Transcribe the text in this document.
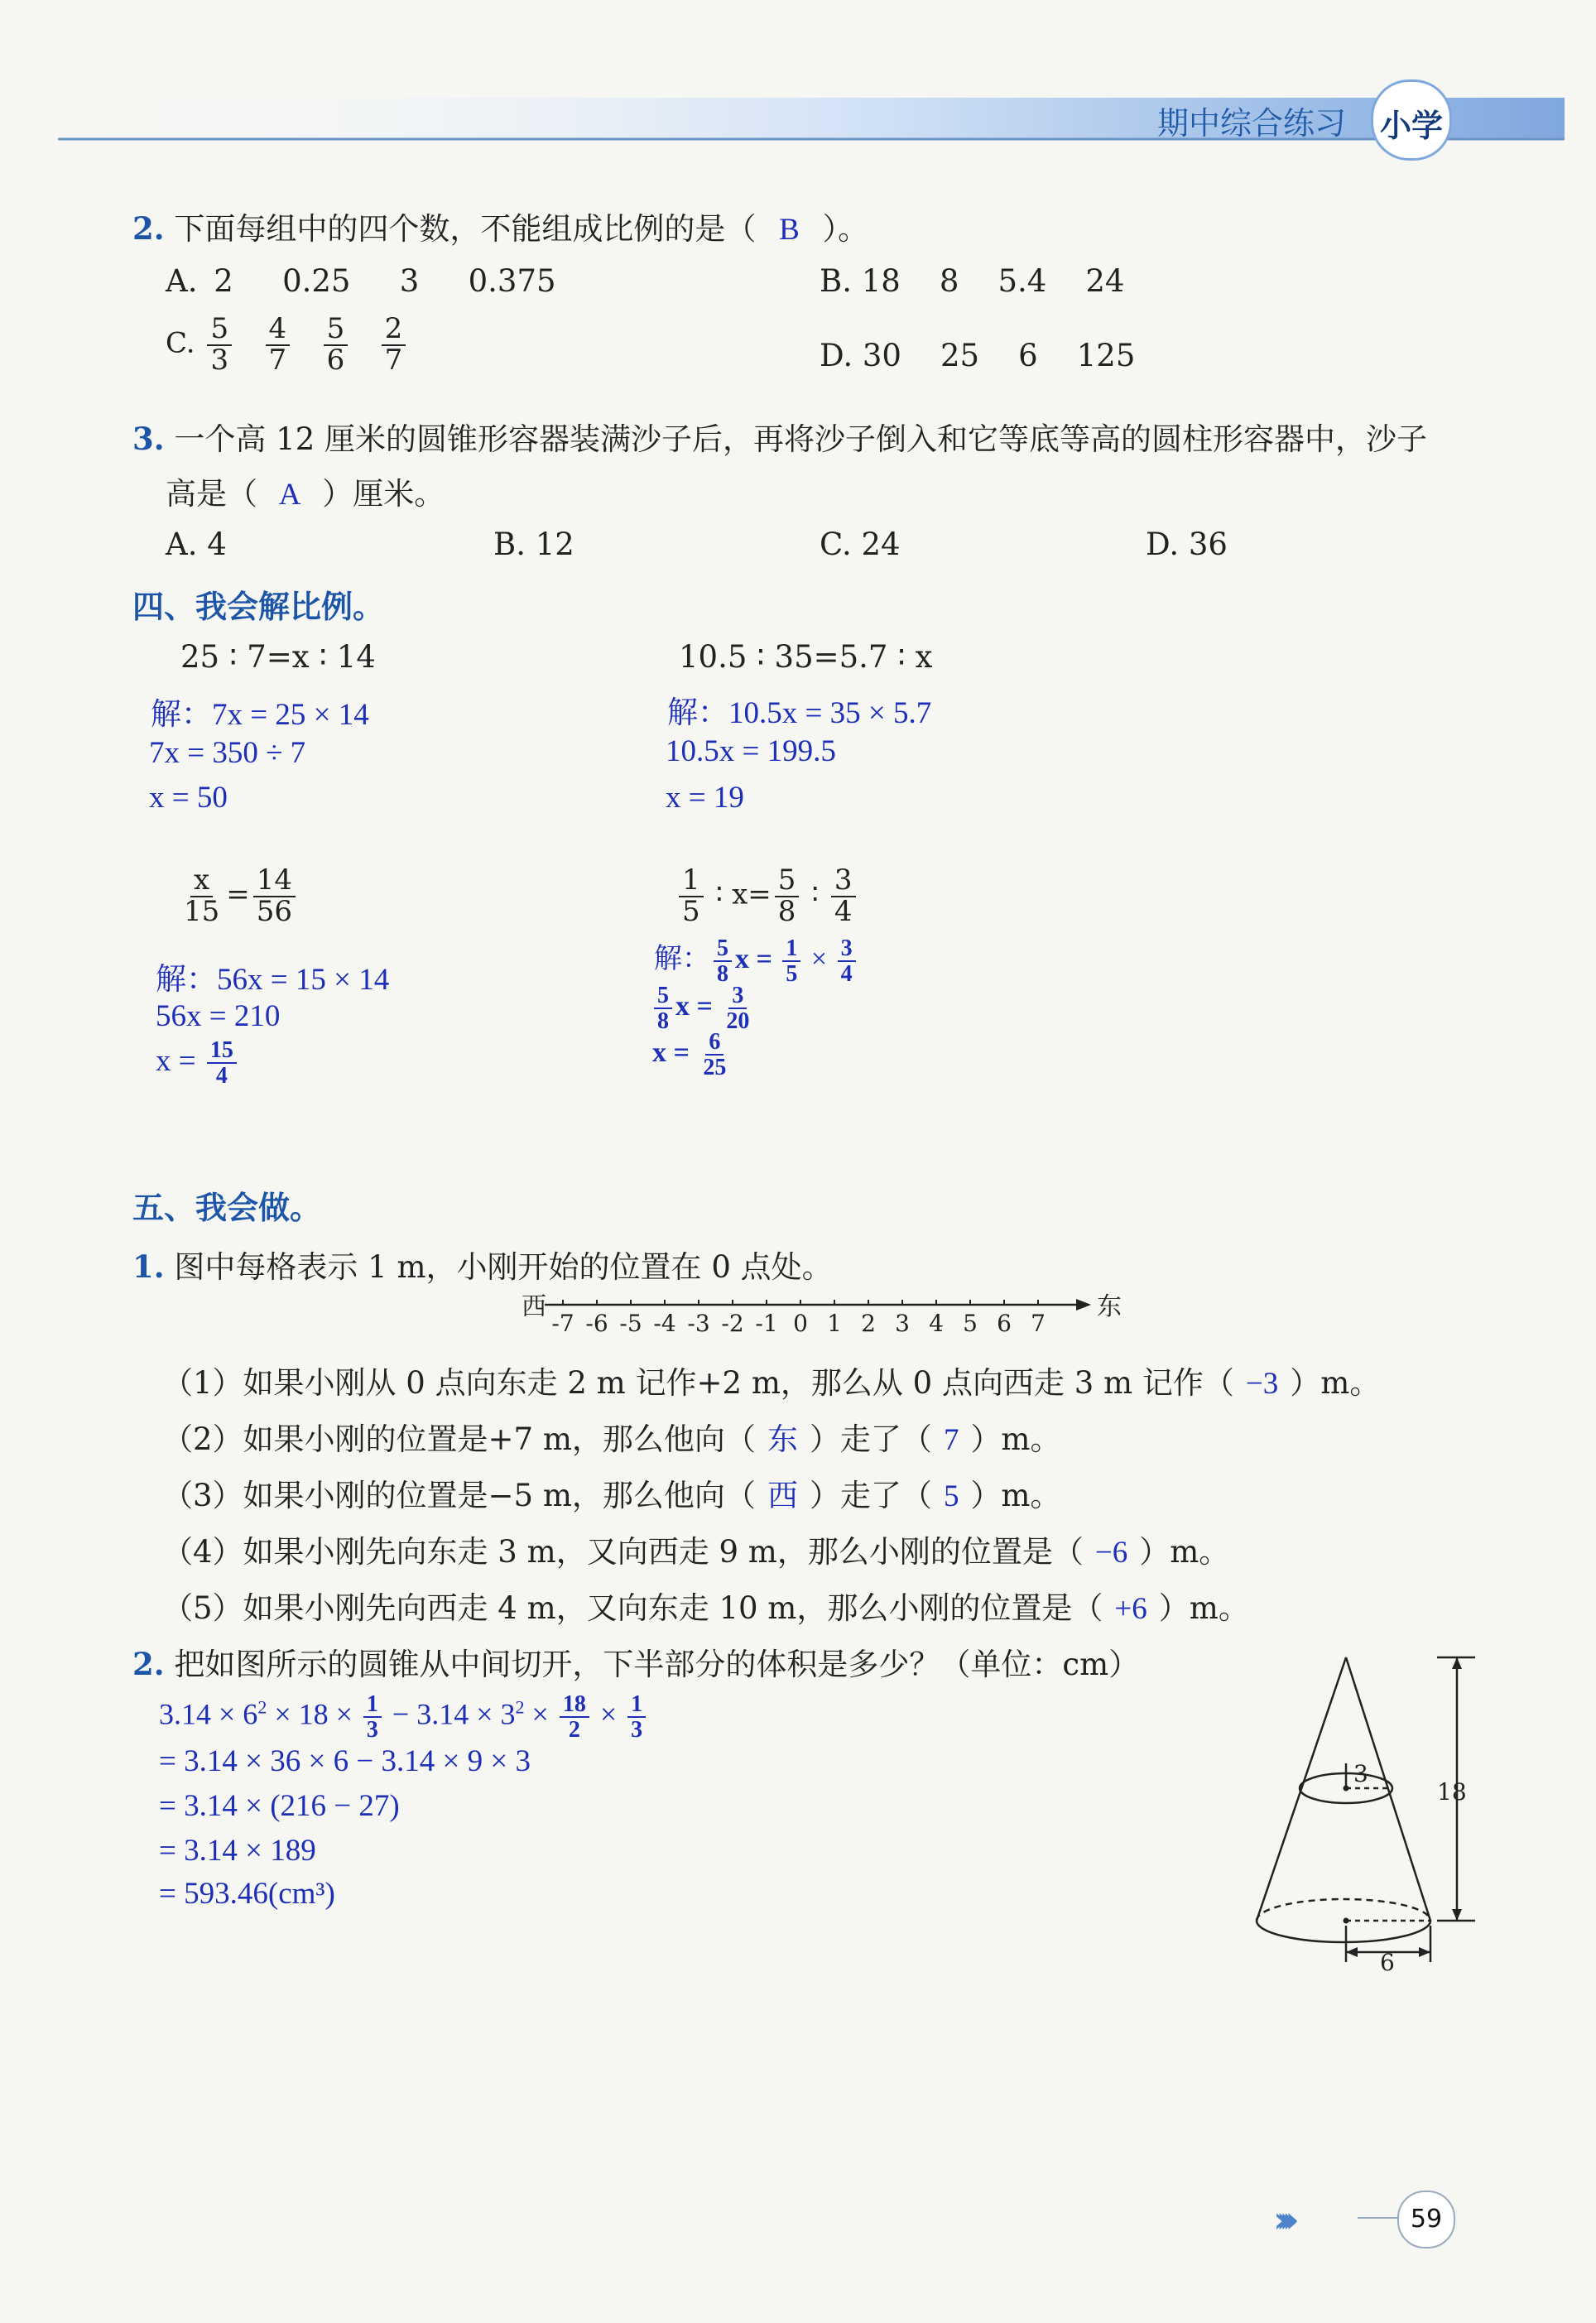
期中综合练习 小学
2. 下面每组中的四个数，不能组成比例的是（ B ）。
A. 2 0.25 3 0.375	B. 18 8 5.4 24
C. $\frac{5}{3}$
$\frac{4}{7}$
$\frac{5}{6}$
$\frac{2}{7}$	D. 30 25 6 125
3. 一个高 12 厘米的圆锥形容器装满沙子后，再将沙子倒入和它等底等高的圆柱形容器中，沙子
高是（ A ）厘米。
A. 4	B. 12	C. 24	D. 36
四、我会解比例。
25 ∶ 7=x ∶ 14
解：7x = 25 × 14
7x = 350 ÷ 7
x = 50
10.5 ∶ 35=5.7 ∶ x
解：10.5x = 35 × 5.7
10.5x = 199.5
x = 19
$\frac{x}{15} = \frac{14}{56}$
解：56x = 15 × 14
56x = 210
$x = \frac{15}{4}$
$\frac{1}{5}$ ∶ $x= \frac{5}{8}$ ∶ $\frac{3}{4}$
解： $\frac{5}{8}$ $x = \frac{1}{5} \times \frac{3}{4}$
$\frac{5}{8}$ $x = \frac{3}{20}$
$x = \frac{6}{25}$
五、我会做。
1. 图中每格表示 1 m，小刚开始的位置在 0 点处。
西	东
-7 -6 -5 -4 -3 -2 -1 0 1 2 3 4 5 6 7
（1）如果小刚从 0 点向东走 2 m 记作+2 m，那么从 0 点向西走 3 m 记作（ −3 ）m。
（2）如果小刚的位置是+7 m，那么他向（ 东 ）走了（ 7 ）m。
（3）如果小刚的位置是−5 m，那么他向（ 西 ）走了（ 5 ）m。
（4）如果小刚先向东走 3 m，又向西走 9 m，那么小刚的位置是（ −6 ）m。
（5）如果小刚先向西走 4 m，又向东走 10 m，那么小刚的位置是（ +6 ）m。
2. 把如图所示的圆锥从中间切开，下半部分的体积是多少？（单位：cm）
$3.14 \times 6^2 \times 18 \times \frac{1}{3} - 3.14 \times 3^2 \times \frac{18}{2} \times \frac{1}{3}$
= 3.14 × 36 × 6 − 3.14 × 9 × 3
= 3.14 × (216 − 27)
= 3.14 × 189
= 593.46(cm³)
3
18
6
›››››	59
